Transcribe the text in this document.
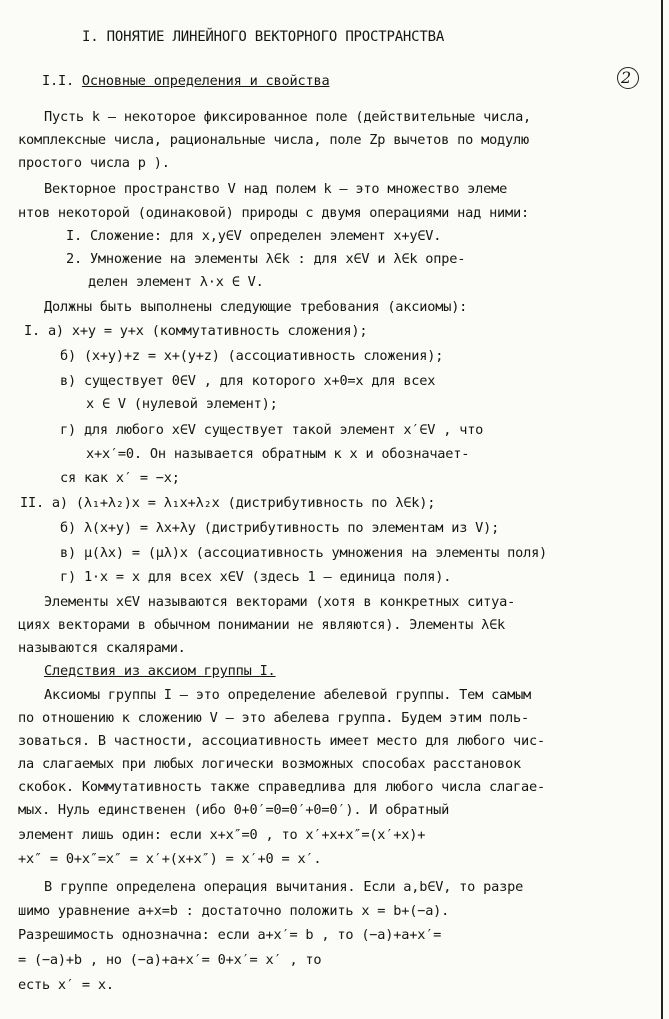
I. ПОНЯТИЕ ЛИНЕЙНОГО ВЕКТОРНОГО ПРОСТРАНСТВА
I.I. Основные определения и свойства	2
Пусть k – некоторое фиксированное поле (действительные числа,
комплексные числа, рациональные числа, поле Zp вычетов по модулю
простого числа p ).
Векторное пространство V над полем k – это множество элеме
нтов некоторой (одинаковой) природы с двумя операциями над ними:
I. Сложение: для x,y∈V определен элемент x+y∈V.
2. Умножение на элементы λ∈k : для x∈V и λ∈k опре-
делен элемент λ·x ∈ V.
Должны быть выполнены следующие требования (аксиомы):
I. а) x+y = y+x (коммутативность сложения);
б) (x+y)+z = x+(y+z) (ассоциативность сложения);
в) существует 0∈V , для которого x+0=x для всех
x ∈ V (нулевой элемент);
г) для любого x∈V существует такой элемент x′∈V , что
x+x′=0. Он называется обратным к x и обозначает-
ся как x′ = −x;
II. а) (λ₁+λ₂)x = λ₁x+λ₂x (дистрибутивность по λ∈k);
б) λ(x+y) = λx+λy (дистрибутивность по элементам из V);
в) μ(λx) = (μλ)x (ассоциативность умножения на элементы поля)
г) 1·x = x для всех x∈V (здесь 1 – единица поля).
Элементы x∈V называются векторами (хотя в конкретных ситуа-
циях векторами в обычном понимании не являются). Элементы λ∈k
называются скалярами.
Следствия из аксиом группы I.
Аксиомы группы I – это определение абелевой группы. Тем самым
по отношению к сложению V – это абелева группа. Будем этим поль-
зоваться. В частности, ассоциативность имеет место для любого чис-
ла слагаемых при любых логически возможных способах расстановок
скобок. Коммутативность также справедлива для любого числа слагае-
мых. Нуль единственен (ибо 0+0′=0=0′+0=0′). И обратный
элемент лишь один: если x+x″=0 , то x′+x+x″=(x′+x)+
+x″ = 0+x″=x″ = x′+(x+x″) = x′+0 = x′.
В группе определена операция вычитания. Если a,b∈V, то разре
шимо уравнение a+x=b : достаточно положить x = b+(−a).
Разрешимость однозначна: если a+x′= b , то (−a)+a+x′=
= (−a)+b , но (−a)+a+x′= 0+x′= x′ , то
есть x′ = x.
